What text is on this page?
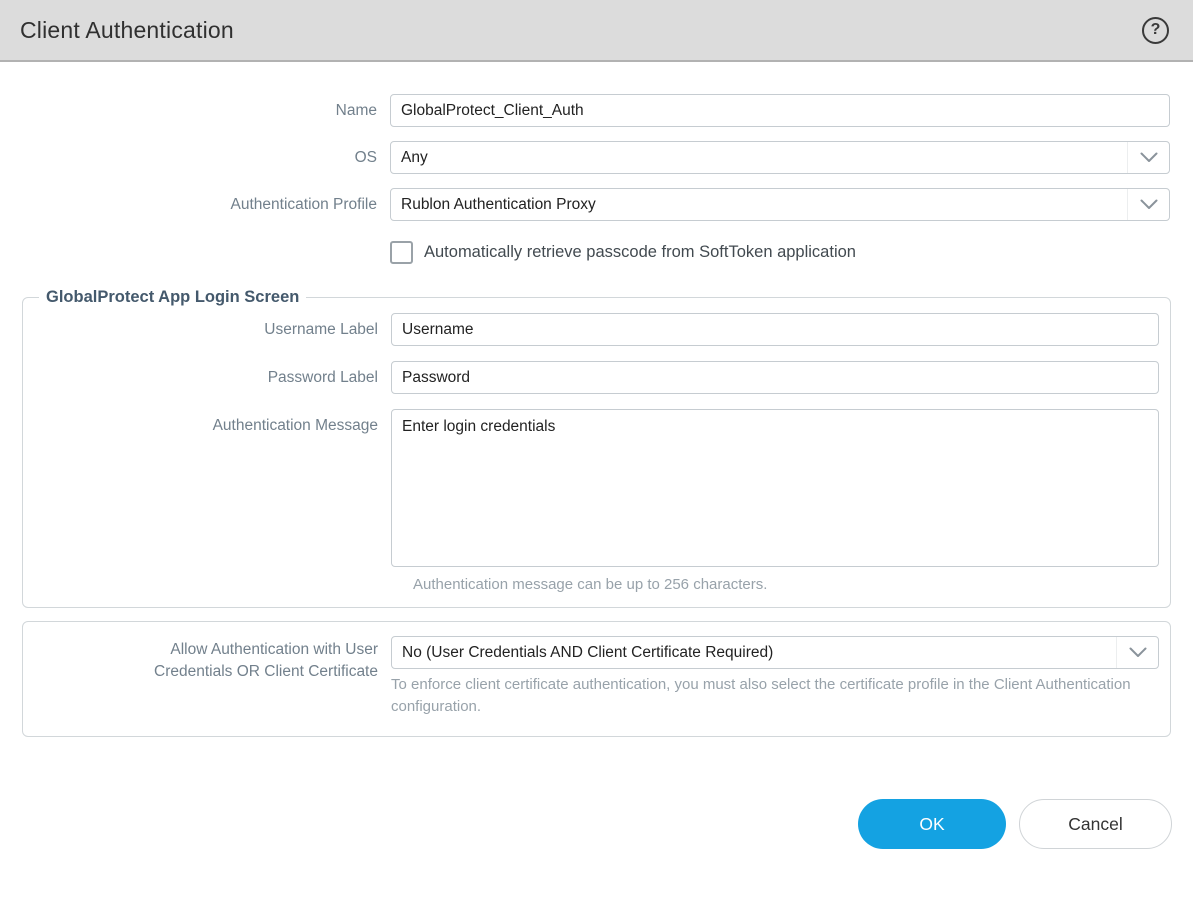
Client Authentication	?
Name
GlobalProtect_Client_Auth
OS Any
Authentication Profile Rublon Authentication Proxy
Automatically retrieve passcode from SoftToken application
GlobalProtect App Login Screen
Username Label
Username
Password Label
Password
Authentication Message
Enter login credentials
Authentication message can be up to 256 characters.
Allow Authentication with User
Credentials OR Client Certificate
No (User Credentials AND Client Certificate Required)
To enforce client certificate authentication, you must also select the certificate profile in the Client Authentication configuration.
OK	Cancel
